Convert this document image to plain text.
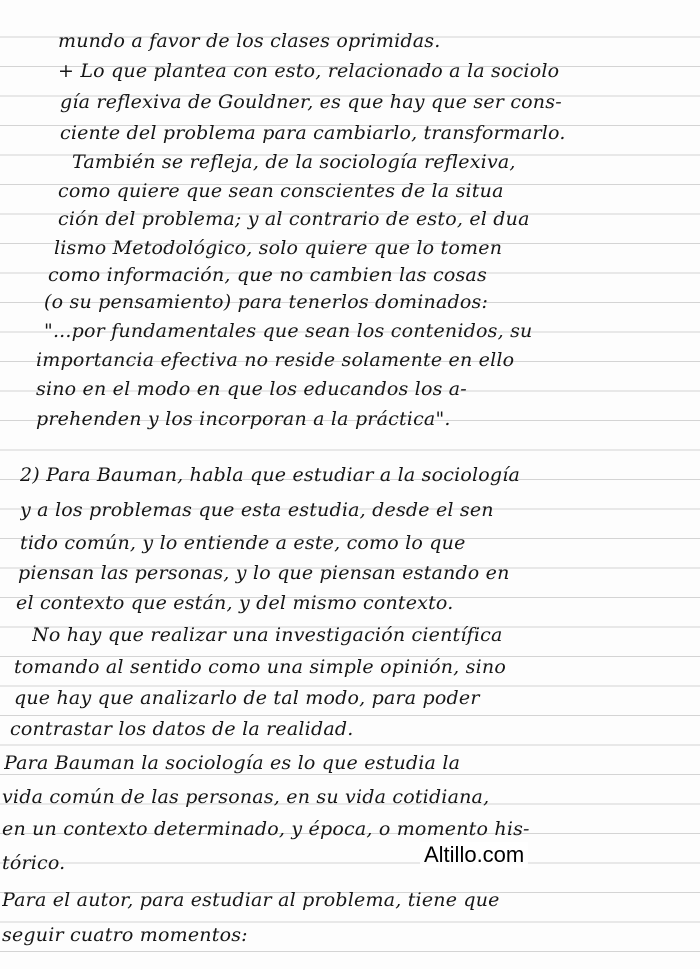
mundo a favor de los clases oprimidas.
+ Lo que plantea con esto, relacionado a la sociolo
gía reflexiva de Gouldner, es que hay que ser cons-
ciente del problema para cambiarlo, transformarlo.
También se refleja, de la sociología reflexiva,
como quiere que sean conscientes de la situa
ción del problema; y al contrario de esto, el dua
lismo Metodológico, solo quiere que lo tomen
como información, que no cambien las cosas
(o su pensamiento) para tenerlos dominados:
"...por fundamentales que sean los contenidos, su
importancia efectiva no reside solamente en ello
sino en el modo en que los educandos los a-
prehenden y los incorporan a la práctica".
2) Para Bauman, habla que estudiar a la sociología
y a los problemas que esta estudia, desde el sen
tido común, y lo entiende a este, como lo que
piensan las personas, y lo que piensan estando en
el contexto que están, y del mismo contexto.
No hay que realizar una investigación científica
tomando al sentido como una simple opinión, sino
que hay que analizarlo de tal modo, para poder
contrastar los datos de la realidad.
Para Bauman la sociología es lo que estudia la
vida común de las personas, en su vida cotidiana,
en un contexto determinado, y época, o momento his-
tórico.
Para el autor, para estudiar al problema, tiene que
seguir cuatro momentos:
Altillo.com
